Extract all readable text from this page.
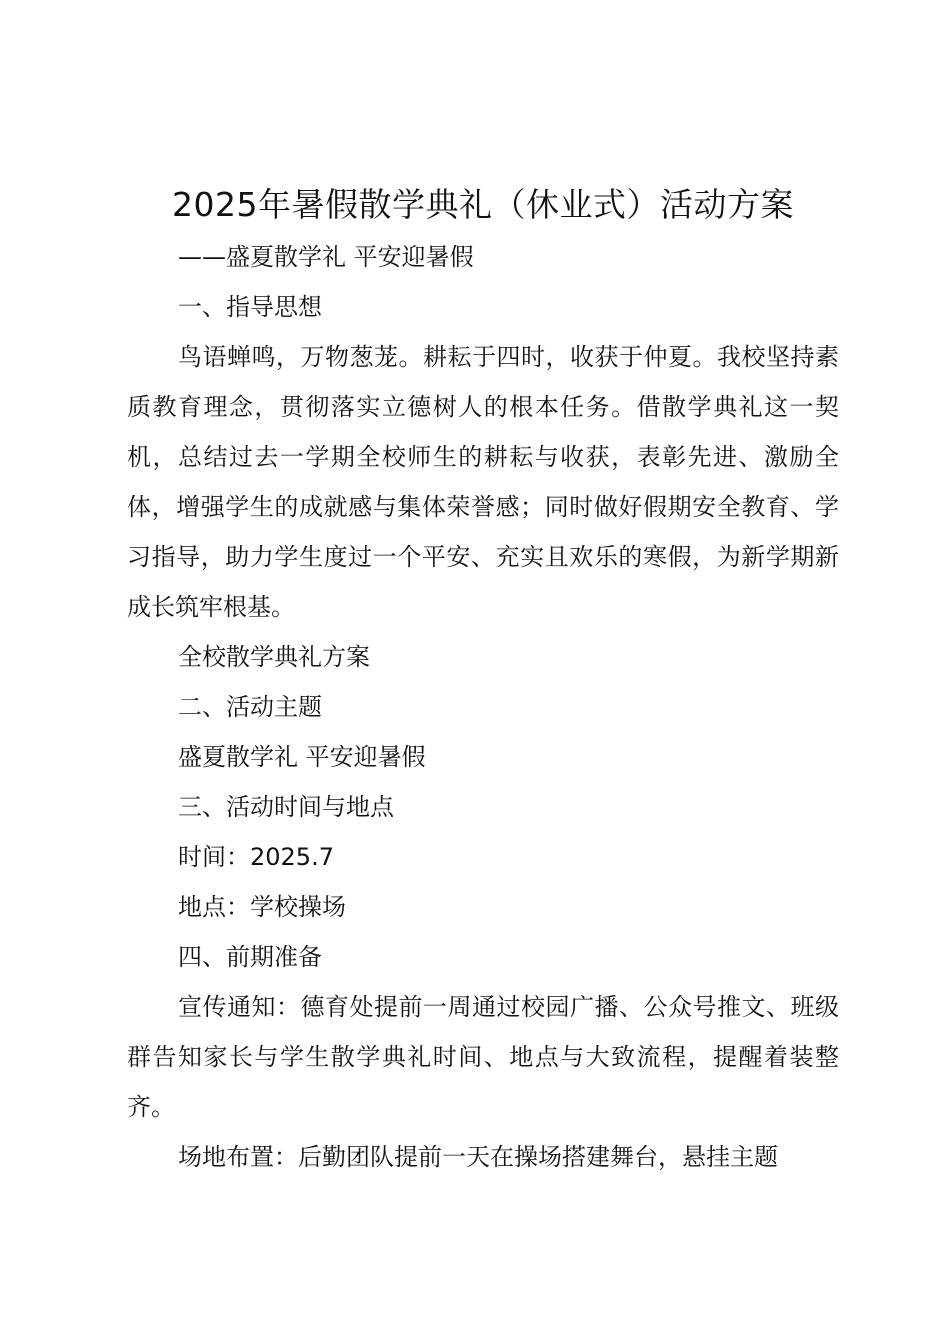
2025年暑假散学典礼（休业式）活动方案

——盛夏散学礼 平安迎暑假

一、指导思想

鸟语蝉鸣，万物葱茏。耕耘于四时，收获于仲夏。我校坚持素质教育理念，贯彻落实立德树人的根本任务。借散学典礼这一契机，总结过去一学期全校师生的耕耘与收获，表彰先进、激励全体，增强学生的成就感与集体荣誉感；同时做好假期安全教育、学习指导，助力学生度过一个平安、充实且欢乐的寒假，为新学期新成长筑牢根基。

全校散学典礼方案

二、活动主题

盛夏散学礼 平安迎暑假

三、活动时间与地点

时间：2025.7

地点：学校操场

四、前期准备

宣传通知：德育处提前一周通过校园广播、公众号推文、班级群告知家长与学生散学典礼时间、地点与大致流程，提醒着装整齐。

场地布置：后勤团队提前一天在操场搭建舞台，悬挂主题
